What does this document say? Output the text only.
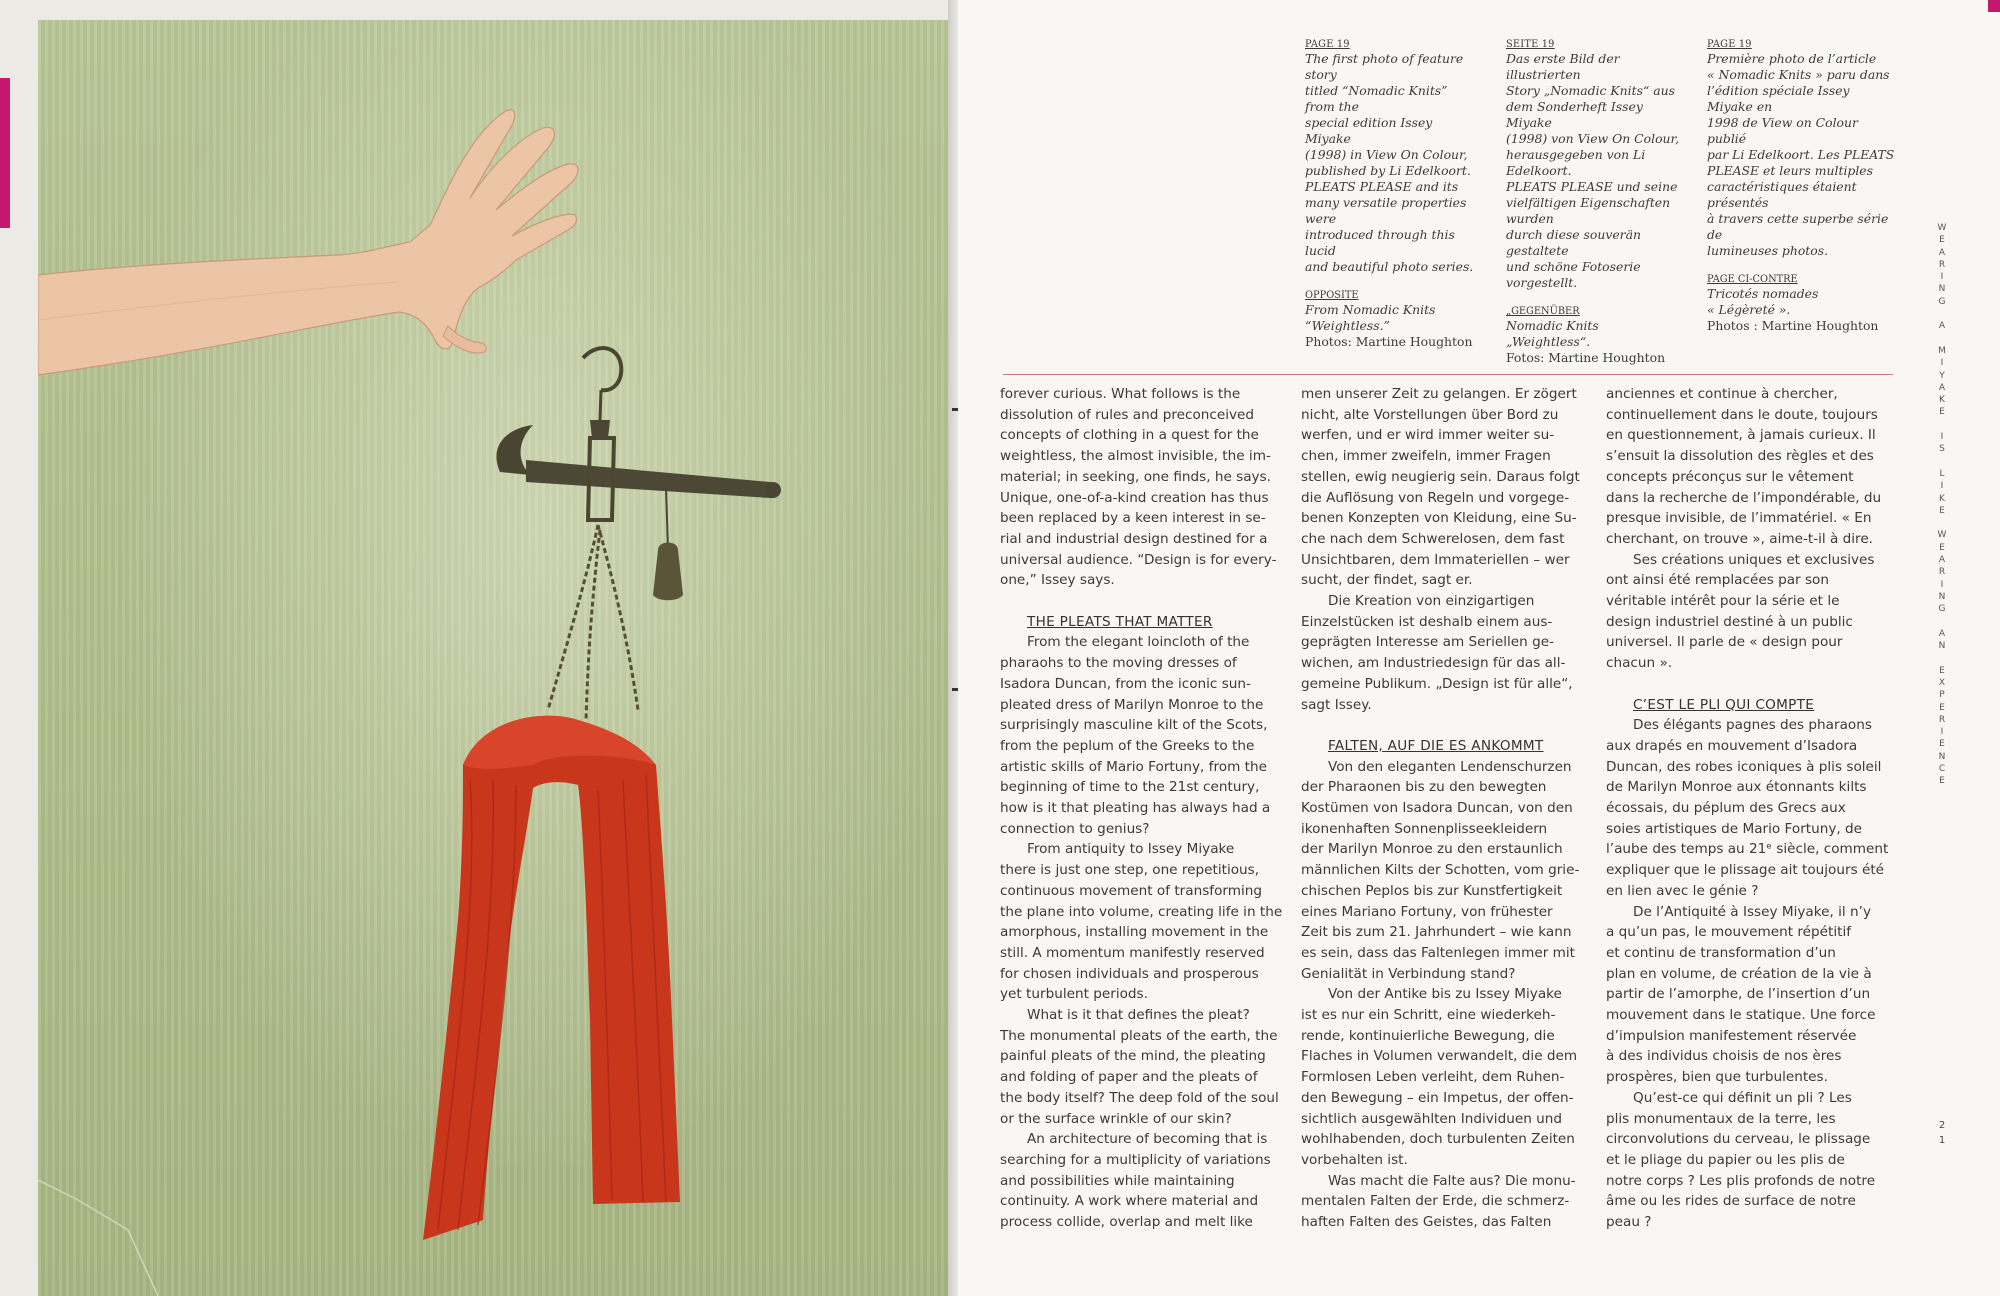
PAGE 19
The first photo of feature story
titled “Nomadic Knits” from the
special edition Issey Miyake
(1998) in View On Colour,
published by Li Edelkoort.
PLEATS PLEASE and its
many versatile properties were
introduced through this lucid
and beautiful photo series.
OPPOSITE
From Nomadic Knits
“Weightless.”
Photos: Martine Houghton
SEITE 19
Das erste Bild der illustrierten
Story „Nomadic Knits“ aus
dem Sonderheft Issey Miyake
(1998) von View On Colour,
herausgegeben von Li Edelkoort.
PLEATS PLEASE und seine
vielfältigen Eigenschaften wurden
durch diese souverän gestaltete
und schöne Fotoserie vorgestellt.
„GEGENÜBER
Nomadic Knits
„Weightless“.
Fotos: Martine Houghton
PAGE 19
Première photo de l’article
« Nomadic Knits » paru dans
l’édition spéciale Issey Miyake en
1998 de View on Colour publié
par Li Edelkoort. Les PLEATS
PLEASE et leurs multiples
caractéristiques étaient présentés
à travers cette superbe série de
lumineuses photos.
PAGE CI-CONTRE
Tricotés nomades
« Légèreté ».
Photos : Martine Houghton

forever curious. What follows is the
dissolution of rules and preconceived
concepts of clothing in a quest for the
weightless, the almost invisible, the im-
material; in seeking, one finds, he says.
Unique, one-of-a-kind creation has thus
been replaced by a keen interest in se-
rial and industrial design destined for a
universal audience. “Design is for every-
one,” Issey says.

THE PLEATS THAT MATTER

From the elegant loincloth of the
pharaohs to the moving dresses of
Isadora Duncan, from the iconic sun-
pleated dress of Marilyn Monroe to the
surprisingly masculine kilt of the Scots,
from the peplum of the Greeks to the
artistic skills of Mario Fortuny, from the
beginning of time to the 21st century,
how is it that pleating has always had a
connection to genius?

From antiquity to Issey Miyake
there is just one step, one repetitious,
continuous movement of transforming
the plane into volume, creating life in the
amorphous, installing movement in the
still. A momentum manifestly reserved
for chosen individuals and prosperous
yet turbulent periods.

What is it that defines the pleat?
The monumental pleats of the earth, the
painful pleats of the mind, the pleating
and folding of paper and the pleats of
the body itself? The deep fold of the soul
or the surface wrinkle of our skin?

An architecture of becoming that is
searching for a multiplicity of variations
and possibilities while maintaining
continuity. A work where material and
process collide, overlap and melt like

men unserer Zeit zu gelangen. Er zögert
nicht, alte Vorstellungen über Bord zu
werfen, und er wird immer weiter su-
chen, immer zweifeln, immer Fragen
stellen, ewig neugierig sein. Daraus folgt
die Auflösung von Regeln und vorgege-
benen Konzepten von Kleidung, eine Su-
che nach dem Schwerelosen, dem fast
Unsichtbaren, dem Immateriellen – wer
sucht, der findet, sagt er.

Die Kreation von einzigartigen
Einzelstücken ist deshalb einem aus-
geprägten Interesse am Seriellen ge-
wichen, am Industriedesign für das all-
gemeine Publikum. „Design ist für alle“,
sagt Issey.

FALTEN, AUF DIE ES ANKOMMT

Von den eleganten Lendenschurzen
der Pharaonen bis zu den bewegten
Kostümen von Isadora Duncan, von den
ikonenhaften Sonnenplisseekleidern
der Marilyn Monroe zu den erstaunlich
männlichen Kilts der Schotten, vom grie-
chischen Peplos bis zur Kunstfertigkeit
eines Mariano Fortuny, von frühester
Zeit bis zum 21. Jahrhundert – wie kann
es sein, dass das Faltenlegen immer mit
Genialität in Verbindung stand?

Von der Antike bis zu Issey Miyake
ist es nur ein Schritt, eine wiederkeh-
rende, kontinuierliche Bewegung, die
Flaches in Volumen verwandelt, die dem
Formlosen Leben verleiht, dem Ruhen-
den Bewegung – ein Impetus, der offen-
sichtlich ausgewählten Individuen und
wohlhabenden, doch turbulenten Zeiten
vorbehalten ist.

Was macht die Falte aus? Die monu-
mentalen Falten der Erde, die schmerz-
haften Falten des Geistes, das Falten

anciennes et continue à chercher,
continuellement dans le doute, toujours
en questionnement, à jamais curieux. Il
s’ensuit la dissolution des règles et des
concepts préconçus sur le vêtement
dans la recherche de l’impondérable, du
presque invisible, de l’immatériel. « En
cherchant, on trouve », aime-t-il à dire.

Ses créations uniques et exclusives
ont ainsi été remplacées par son
véritable intérêt pour la série et le
design industriel destiné à un public
universel. Il parle de « design pour
chacun ».

C’EST LE PLI QUI COMPTE

Des élégants pagnes des pharaons
aux drapés en mouvement d’Isadora
Duncan, des robes iconiques à plis soleil
de Marilyn Monroe aux étonnants kilts
écossais, du péplum des Grecs aux
soies artistiques de Mario Fortuny, de
l’aube des temps au 21ᵉ siècle, comment
expliquer que le plissage ait toujours été
en lien avec le génie ?

De l’Antiquité à Issey Miyake, il n’y
a qu’un pas, le mouvement répétitif
et continu de transformation d’un
plan en volume, de création de la vie à
partir de l’amorphe, de l’insertion d’un
mouvement dans le statique. Une force
d’impulsion manifestement réservée
à des individus choisis de nos ères
prospères, bien que turbulentes.

Qu’est-ce qui définit un pli ? Les
plis monumentaux de la terre, les
circonvolutions du cerveau, le plissage
et le pliage du papier ou les plis de
notre corps ? Les plis profonds de notre
âme ou les rides de surface de notre
peau ?

W
E
A
R
I
N
G
A
M
I
Y
A
K
E
I
S
L
I
K
E
W
E
A
R
I
N
G
A
N
E
X
P
E
R
I
E
N
C
E
2
1
